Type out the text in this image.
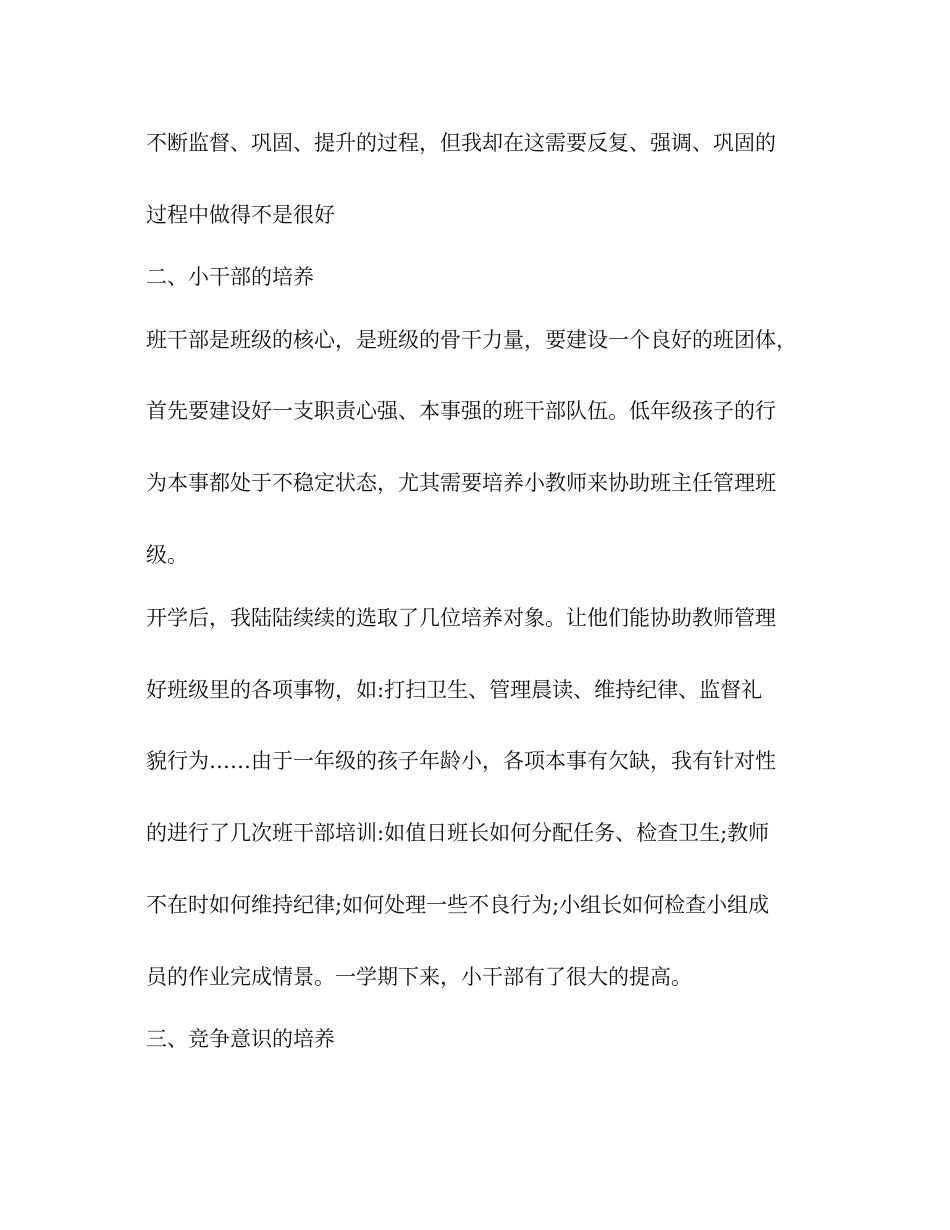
不断监督、巩固、提升的过程，但我却在这需要反复、强调、巩固的
过程中做得不是很好
二、小干部的培养
班干部是班级的核心，是班级的骨干力量，要建设一个良好的班团体，
首先要建设好一支职责心强、本事强的班干部队伍。低年级孩子的行
为本事都处于不稳定状态，尤其需要培养小教师来协助班主任管理班
级。
开学后，我陆陆续续的选取了几位培养对象。让他们能协助教师管理
好班级里的各项事物，如:打扫卫生、管理晨读、维持纪律、监督礼
貌行为……由于一年级的孩子年龄小，各项本事有欠缺，我有针对性
的进行了几次班干部培训:如值日班长如何分配任务、检查卫生;教师
不在时如何维持纪律;如何处理一些不良行为;小组长如何检查小组成
员的作业完成情景。一学期下来，小干部有了很大的提高。
三、竞争意识的培养
